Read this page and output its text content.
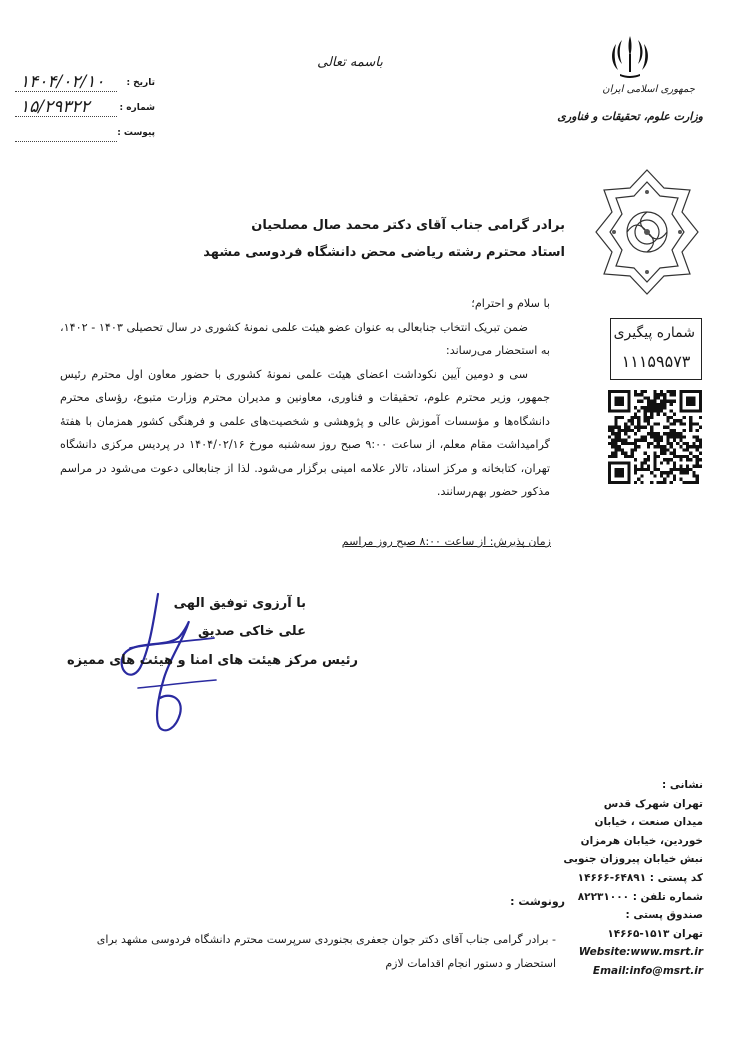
باسمه تعالی
۱۴۰۴/۰۲/۱۰ تاریخ :
۱۵/۲۹۳۲۲	شماره :
پیوست :
جمهوری اسلامی ایران
وزارت علوم، تحقیقات و فناوری
برادر گرامی جناب آقای دکتر محمد صال مصلحیان
استاد محترم رشته ریاضی محض دانشگاه فردوسی مشهد

با سلام و احترام؛

ضمن تبریک انتخاب جنابعالی به عنوان عضو هیئت علمی نمونهٔ کشوری در سال تحصیلی ۱۴۰۳ - ۱۴۰۲، به استحضار می‌رساند:

سی و دومین آیین نکوداشت اعضای هیئت علمی نمونهٔ کشوری با حضور معاون اول محترم رئیس جمهور، وزیر محترم علوم، تحقیقات و فناوری، معاونین و مدیران محترم وزارت متبوع، رؤسای محترم دانشگاه‌ها و مؤسسات آموزش عالی و پژوهشی و شخصیت‌های علمی و فرهنگی کشور همزمان با هفتهٔ گرامیداشت مقام معلم، از ساعت ۹:۰۰ صبح روز سه‌شنبه مورخ ۱۴۰۴/۰۲/۱۶ در پردیس مرکزی دانشگاه تهران، کتابخانه و مرکز اسناد، تالار علامه امینی برگزار می‌شود. لذا از جنابعالی دعوت می‌شود در مراسم مذکور حضور بهم‌رسانند.

شماره پیگیری
۱۱۱۵۹۵۷۳
زمان پذیرش: از ساعت ۸:۰۰ صبح روز مراسم
با آرزوی توفیق الهی
علی خاکی صدیق
رئیس مرکز هیئت های امنا و هیئت های ممیزه
نشانی :
تهران شهرک قدس
میدان صنعت ، خیابان
خوردین، خیابان هرمزان
نبش خیابان پیروزان جنوبی
کد پستی : ۶۴۸۹۱-۱۴۶۶۶
شماره تلفن : ۸۲۲۳۱۰۰۰
صندوق پستی :
تهران ۱۵۱۳-۱۴۶۶۵
Website:www.msrt.ir
Email:info@msrt.ir
رونوشت :
- برادر گرامی جناب آقای دکتر جوان جعفری بجنوردی سرپرست محترم دانشگاه فردوسی مشهد برای استحضار و دستور انجام اقدامات لازم
